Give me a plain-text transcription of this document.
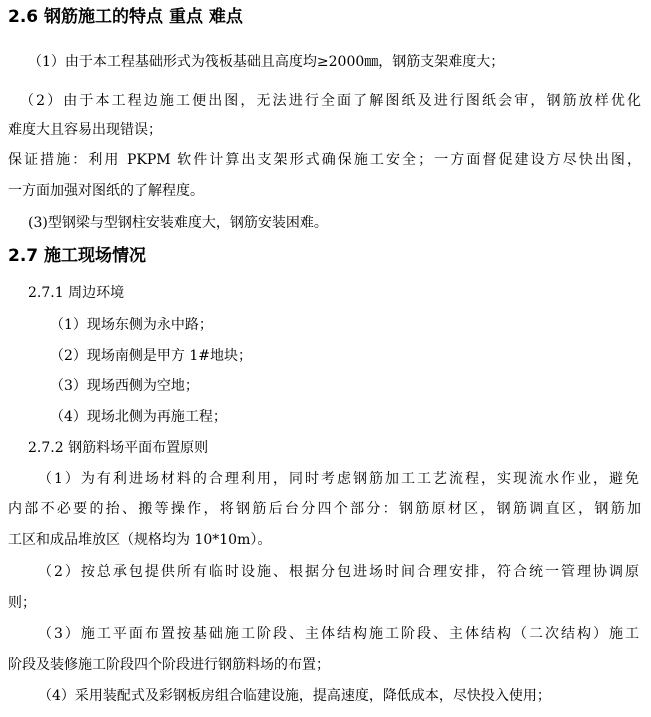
2.6 钢筋施工的特点 重点 难点
（1）由于本工程基础形式为筏板基础且高度均≥2000㎜，钢筋支架难度大；
（2）由于本工程边施工便出图，无法进行全面了解图纸及进行图纸会审，钢筋放样优化
难度大且容易出现错误；
保证措施：利用 PKPM 软件计算出支架形式确保施工安全；一方面督促建设方尽快出图，
一方面加强对图纸的了解程度。
(3)型钢梁与型钢柱安装难度大，钢筋安装困难。
2.7 施工现场情况
2.7.1 周边环境
（1）现场东侧为永中路；
（2）现场南侧是甲方 1#地块；
（3）现场西侧为空地；
（4）现场北侧为再施工程；
2.7.2 钢筋料场平面布置原则
（1）为有利进场材料的合理利用，同时考虑钢筋加工工艺流程，实现流水作业，避免
内部不必要的抬、搬等操作，将钢筋后台分四个部分：钢筋原材区，钢筋调直区，钢筋加
工区和成品堆放区（规格均为 10*10m）。
（2）按总承包提供所有临时设施、根据分包进场时间合理安排，符合统一管理协调原
则；
（3）施工平面布置按基础施工阶段、主体结构施工阶段、主体结构（二次结构）施工
阶段及装修施工阶段四个阶段进行钢筋料场的布置；
（4）采用装配式及彩钢板房组合临建设施，提高速度，降低成本，尽快投入使用；
